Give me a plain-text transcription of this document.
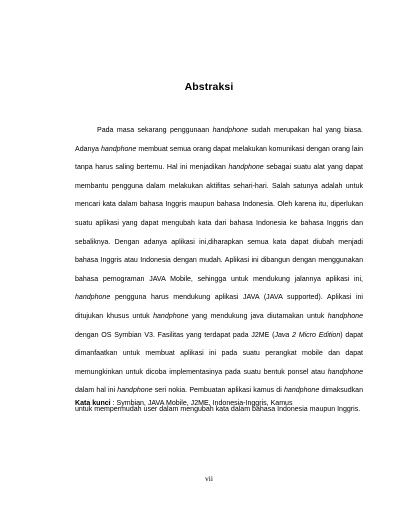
Abstraksi

Pada masa sekarang penggunaan handphone sudah merupakan hal yang biasa. Adanya handphone membuat semua orang dapat melakukan komunikasi dengan orang lain tanpa harus saling bertemu. Hal ini menjadikan handphone sebagai suatu alat yang dapat membantu pengguna dalam melakukan aktifitas sehari-hari. Salah satunya adalah untuk mencari kata dalam bahasa Inggris maupun bahasa Indonesia. Oleh karena itu, diperlukan suatu aplikasi yang dapat mengubah kata dari bahasa Indonesia ke bahasa Inggris dan sebaliknya. Dengan adanya aplikasi ini,diharapkan semua kata dapat diubah menjadi bahasa Inggris atau Indonesia dengan mudah. Aplikasi ini dibangun dengan menggunakan bahasa pemograman JAVA Mobile, sehingga untuk mendukung jalannya aplikasi ini, handphone pengguna harus mendukung aplikasi JAVA (JAVA supported). Aplikasi ini ditujukan khusus untuk handphone yang mendukung java diutamakan untuk handphone dengan OS Symbian V3. Fasilitas yang terdapat pada J2ME (Java 2 Micro Edition) dapat dimanfaatkan untuk membuat aplikasi ini pada suatu perangkat mobile dan dapat memungkinkan untuk dicoba implementasinya pada suatu bentuk ponsel atau handphone dalam hal ini handphone seri nokia. Pembuatan aplikasi kamus di handphone dimaksudkan untuk mempermudah user dalam mengubah kata dalam bahasa Indonesia maupun Inggris.

Kata kunci : Symbian, JAVA Mobile, J2ME, Indonesia-Inggris, Kamus
vii
